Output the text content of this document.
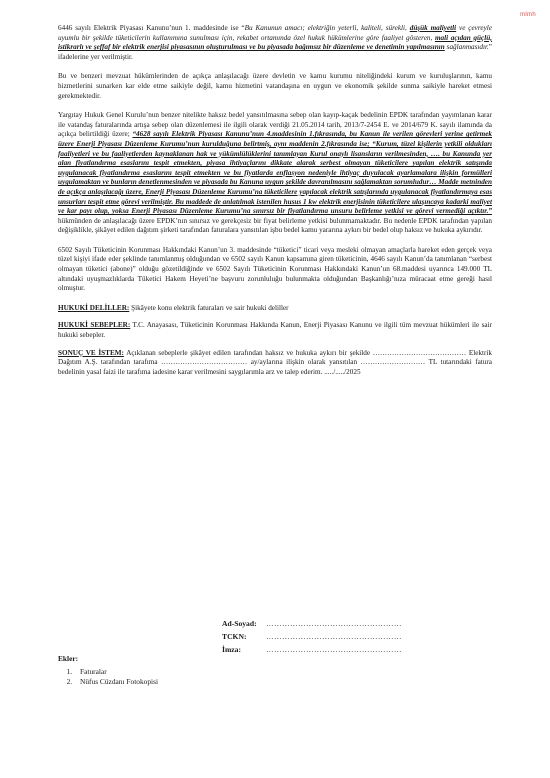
mlmh

6446 sayılı Elektrik Piyasası Kanunu’nun 1. maddesinde ise “Bu Kanunun amacı; elektriğin yeterli, kaliteli, sürekli, düşük maliyetli ve çevreyle uyumlu bir şekilde tüketicilerin kullanımına sunulması için, rekabet ortamında özel hukuk hükümlerine göre faaliyet gösteren, mali açıdan güçlü, istikrarlı ve şeffaf bir elektrik enerjisi piyasasının oluşturulması ve bu piyasada bağımsız bir düzenleme ve denetimin yapılmasının sağlanmasıdır.” ifadelerine yer verilmiştir.

Bu ve benzeri mevzuat hükümlerinden de açıkça anlaşılacağı üzere devletin ve kamu kurumu niteliğindeki kurum ve kuruluşlarının, kamu hizmetlerini sunarken kar elde etme saikiyle değil, kamu hizmetini vatandaşına en uygun ve ekonomik şekilde sunma saikiyle hareket etmesi gerekmektedir.

Yargıtay Hukuk Genel Kurulu’nun benzer nitelikte haksız bedel yansıtılmasına sebep olan kayıp-kaçak bedelinin EPDK tarafından yayımlanan karar ile vatandaş faturalarında artışa sebep olan düzenlemesi ile ilgili olarak verdiği 21.05.2014 tarih, 2013/7-2454 E. ve 2014/679 K. sayılı ilamında da açıkça belirtildiği üzere; “4628 sayılı Elektrik Piyasası Kanunu’nun 4.maddesinin 1.fıkrasında, bu Kanun ile verilen görevleri yerine getirmek üzere Enerji Piyasası Düzenleme Kurumu’nun kurulduğuna belirtmiş, aynı maddenin 2.fıkrasında ise; “Kurum, tüzel kişilerin yetkili oldukları faaliyetleri ve bu faaliyetlerden kaynaklanan hak ve yükümlülüklerini tanımlayan Kurul onaylı lisansların verilmesinden, …. bu Kanunda yer alan fiyatlandırma esaslarını tespit etmekten, piyasa ihtiyaçlarını dikkate alarak serbest olmayan tüketicilere yapılan elektrik satışında uygulanacak fiyatlandırma esaslarını tespit etmekten ve bu fiyatlarda enflasyon nedeniyle ihtiyaç duyulacak ayarlamalara ilişkin formülleri uygulamaktan ve bunların denetlenmesinden ve piyasada bu Kanuna uygun şekilde davranılmasını sağlamaktan sorumludur… Madde metninden de açıkça anlaşılacağı üzere, Enerji Piyasası Düzenleme Kurumu’na tüketicilere yapılacak elektrik satışlarında uygulanacak fiyatlandırmaya esas unsurları tespit etme görevi verilmiştir. Bu maddede de anlatılmak istenilen husus 1 kw elektrik enerjisinin tüketicilere ulaşıncaya kadarki maliyet ve kar payı olup, yoksa Enerji Piyasası Düzenleme Kurumu’na sınırsız bir fiyatlandırma unsuru belirleme yetkisi ve görevi vermediği açıktır.” hükmünden de anlaşılacağı üzere EPDK’nın sınırsız ve gerekçesiz bir fiyat belirleme yetkisi bulunmamaktadır. Bu nedenle EPDK tarafından yapılan değişiklikle, şikâyet edilen dağıtım şirketi tarafından faturalara yansıtılan işbu bedel kamu yararına aykırı bir bedel olup haksız ve hukuka aykırıdır.

6502 Sayılı Tüketicinin Korunması Hakkındaki Kanun’un 3. maddesinde “tüketici” ticari veya mesleki olmayan amaçlarla hareket eden gerçek veya tüzel kişiyi ifade eder şeklinde tanımlanmış olduğundan ve 6502 sayılı Kanun kapsamına giren tüketicinin, 4646 sayılı Kanun’da tanımlanan “serbest olmayan tüketici (abone)” olduğu gözetildiğinde ve 6502 Sayılı Tüketicinin Korunması Hakkındaki Kanun’un 68.maddesi uyarınca 149.000 TL altındaki uyuşmazlıklarda Tüketici Hakem Heyeti’ne başvuru zorunluluğu bulunmakta olduğundan Başkanlığı’nıza müracaat etme gereği hasıl olmuştur.

HUKUKİ DELİLLER: Şikâyete konu elektrik faturaları ve sair hukuki deliller

HUKUKİ SEBEPLER: T.C. Anayasası, Tüketicinin Korunması Hakkında Kanun, Enerji Piyasası Kanunu ve ilgili tüm mevzuat hükümleri ile sair hukuki sebepler.

SONUÇ VE İSTEM: Açıklanan sebeplerle şikâyet edilen tarafından haksız ve hukuka aykırı bir şekilde ………………………………… Elektrik Dağıtım A.Ş. tarafından tarafıma ……………………………… ay/aylarına ilişkin olarak yansıtılan ……………………… TL tutarındaki fatura bedelinin yasal faizi ile tarafıma iadesine karar verilmesini saygılarımla arz ve talep ederim. ...../...../2025

Ad-Soyad:	……………………………………………
TCKN:	……………………………………………
İmza:	……………………………………………
Ekler:
1. Faturalar
2. Nüfus Cüzdanı Fotokopisi
